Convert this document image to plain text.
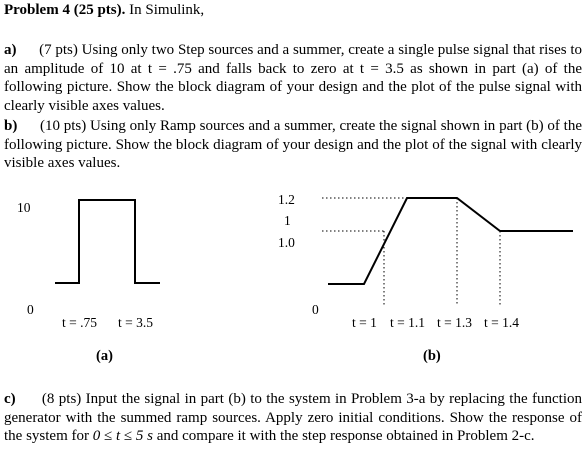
Problem 4 (25 pts). In Simulink,

a) (7 pts) Using only two Step sources and a summer, create a single pulse signal that rises to an amplitude of 10 at t = .75 and falls back to zero at t = 3.5 as shown in part (a) of the following picture. Show the block diagram of your design and the plot of the pulse signal with clearly visible axes values.

b) (10 pts) Using only Ramp sources and a summer, create the signal shown in part (b) of the following picture. Show the block diagram of your design and the plot of the signal with clearly visible axes values.

10
0
t = .75 t = 3.5
1.2
1
1.0
0
t = 1 t = 1.1 t = 1.3 t = 1.4
(a)	(b)

c) (8 pts) Input the signal in part (b) to the system in Problem 3-a by replacing the function generator with the summed ramp sources. Apply zero initial conditions. Show the response of the system for 0 ≤ t ≤ 5 s and compare it with the step response obtained in Problem 2-c.
